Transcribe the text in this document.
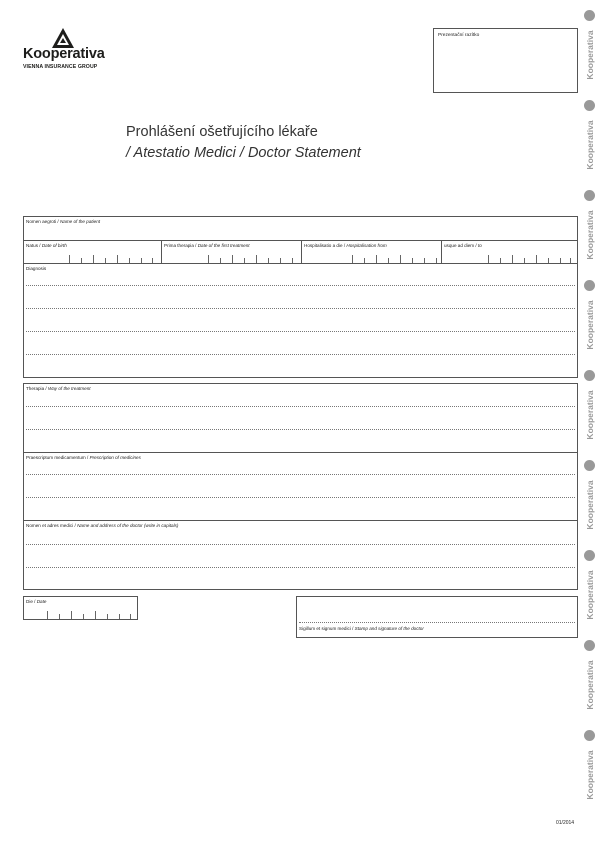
Kooperativa
VIENNA INSURANCE GROUP
Prezentační razítko
Prohlášení ošetřujícího lékaře
/ Atestatio Medici / Doctor Statement
Nomen aegroti / Name of the patient
Natus / Date of birth	Prima therapia / Date of the first treatment	Hospitalisatio a die / Hospitalisation from	usque ad diem / to
Diagnosis
Therapia / Way of the treatment
Praescriptum medicamentum / Prescription of medicines
Nomen et adres medici / Name and address of the doctor (write in capitals)
Die / Date
Sigillum et signum medici / Stamp and signature of the doctor
Kooperativa
Kooperativa
Kooperativa
Kooperativa
Kooperativa
Kooperativa
Kooperativa
Kooperativa
Kooperativa
01/2014
